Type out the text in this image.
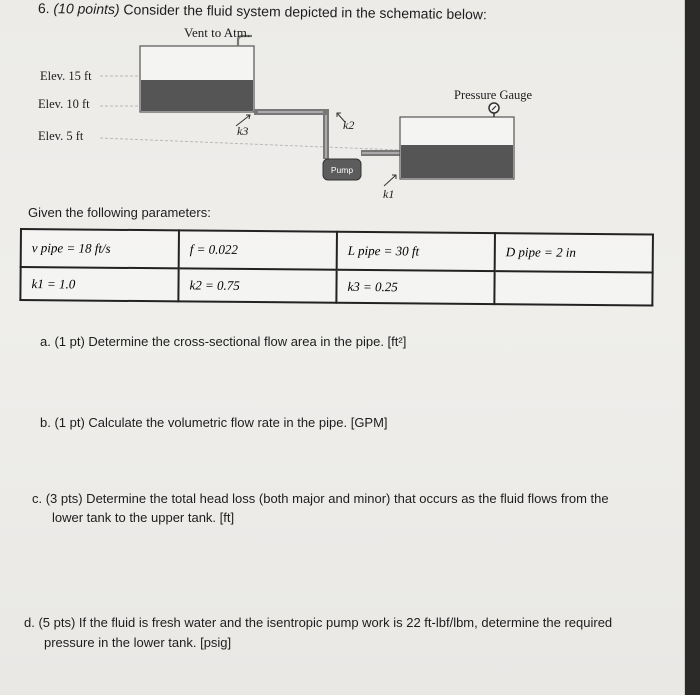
6. (10 points) Consider the fluid system depicted in the schematic below:
Pump
Vent to Atm.
Elev. 15 ft
Elev. 10 ft
Elev. 5 ft
Pressure Gauge
k3	k2
k1
Given the following parameters:
v pipe = 18 ft/s	f = 0.022	L pipe = 30 ft	D pipe = 2 in
k1 = 1.0	k2 = 0.75	k3 = 0.25	
a. (1 pt) Determine the cross-sectional flow area in the pipe. [ft²]
b. (1 pt) Calculate the volumetric flow rate in the pipe. [GPM]
c. (3 pts) Determine the total head loss (both major and minor) that occurs as the fluid flows from the
lower tank to the upper tank. [ft]
d. (5 pts) If the fluid is fresh water and the isentropic pump work is 22 ft-lbf/lbm, determine the required
pressure in the lower tank. [psig]
